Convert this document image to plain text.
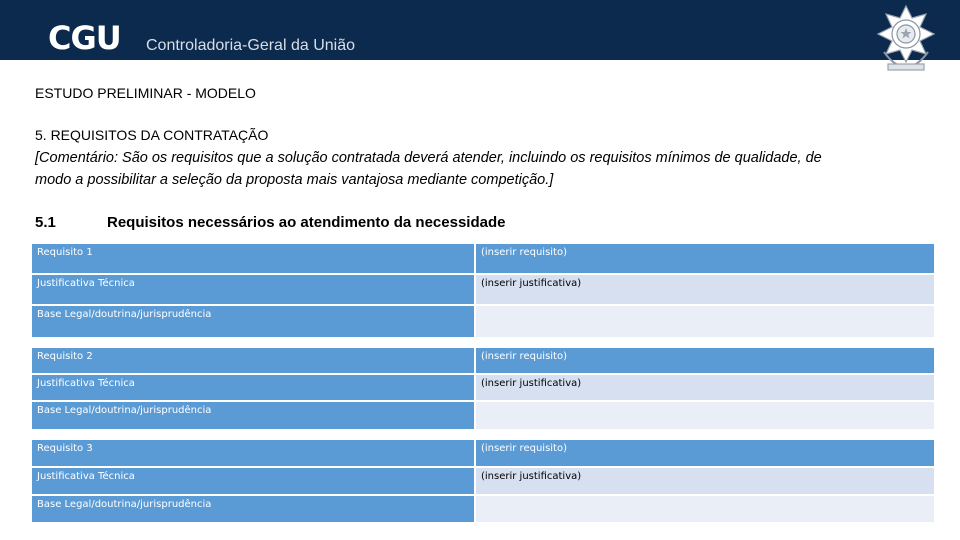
CGU Controladoria-Geral da União
ESTUDO PRELIMINAR - MODELO
5. REQUISITOS DA CONTRATAÇÃO
[Comentário: São os requisitos que a solução contratada deverá atender, incluindo os requisitos mínimos de qualidade, de modo a possibilitar a seleção da proposta mais vantajosa mediante competição.]
5.1	Requisitos necessários ao atendimento da necessidade
Requisito 1	(inserir requisito)
Justificativa Técnica	(inserir justificativa)
Base Legal/doutrina/jurisprudência
Requisito 2	(inserir requisito)
Justificativa Técnica	(inserir justificativa)
Base Legal/doutrina/jurisprudência
Requisito 3	(inserir requisito)
Justificativa Técnica	(inserir justificativa)
Base Legal/doutrina/jurisprudência
